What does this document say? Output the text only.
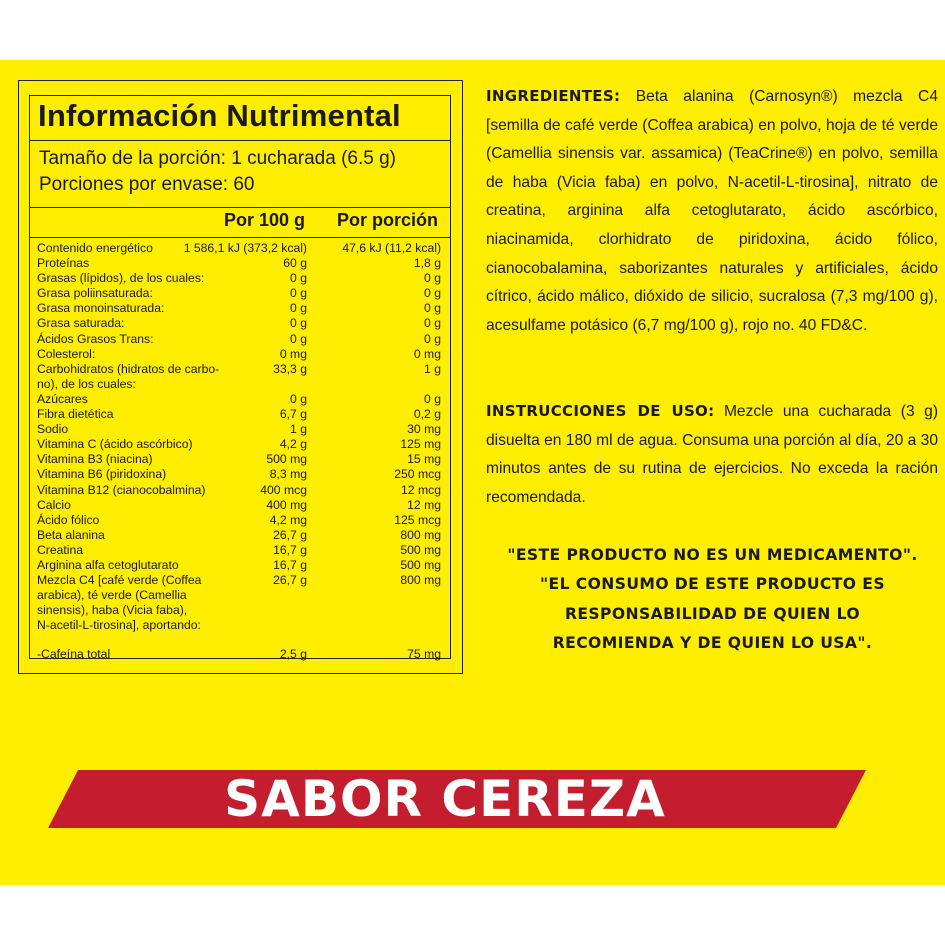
Información Nutrimental
Tamaño de la porción: 1 cucharada (6.5 g)
Porciones por envase: 60
Por 100 g Por porción
Contenido energético	1 586,1 kJ (373,2 kcal)	47,6 kJ (11,2 kcal)
Proteínas	60 g	1,8 g
Grasas (lípidos), de los cuales:	0 g	0 g
Grasa poliinsaturada:	0 g	0 g
Grasa monoinsaturada:	0 g	0 g
Grasa saturada:	0 g	0 g
Ácidos Grasos Trans:	0 g	0 g
Colesterol:	0 mg	0 mg
Carbohidratos (hidratos de carbo-
no), de los cuales:
33,3 g	1 g
Azúcares	0 g	0 g
Fibra dietética	6,7 g	0,2 g
Sodio	1 g	30 mg
Vitamina C (ácido ascórbico)	4,2 g	125 mg
Vitamina B3 (niacina)	500 mg	15 mg
Vitamina B6 (piridoxina)	8,3 mg	250 mcg
Vitamina B12 (cianocobalmina)	400 mcg	12 mcg
Calcio	400 mg	12 mg
Ácido fólico	4,2 mg	125 mcg
Beta alanina	26,7 g	800 mg
Creatina	16,7 g	500 mg
Arginina alfa cetoglutarato	16,7 g	500 mg
Mezcla C4 [café verde (Coffea
arabica), té verde (Camellia
sinensis), haba (Vicia faba),
N-acetil-L-tirosina], aportando:
26,7 g	800 mg
-Cafeína total	2,5 g	75 mg
INGREDIENTES: Beta alanina (Carnosyn®) mezcla C4 [semilla de café verde (Coffea arabica) en polvo, hoja de té verde (Camellia sinensis var. assamica) (TeaCrine®) en polvo, semilla de haba (Vicia faba) en polvo, N-acetil-L-tirosina], nitrato de creatina, arginina alfa cetoglutarato, ácido ascórbico, niacinamida, clorhidrato de piridoxina, ácido fólico, cianocobalamina, saborizantes naturales y artificiales, ácido cítrico, ácido málico, dióxido de silicio, sucralosa (7,3 mg/100 g), acesulfame potásico (6,7 mg/100 g), rojo no. 40 FD&C.
INSTRUCCIONES DE USO: Mezcle una cucharada (3 g) disuelta en 180 ml de agua. Consuma una porción al día, 20 a 30 minutos antes de su rutina de ejercicios. No exceda la ración recomendada.
"ESTE PRODUCTO NO ES UN MEDICAMENTO".
"EL CONSUMO DE ESTE PRODUCTO ES
RESPONSABILIDAD DE QUIEN LO
RECOMIENDA Y DE QUIEN LO USA".
SABOR CEREZA
